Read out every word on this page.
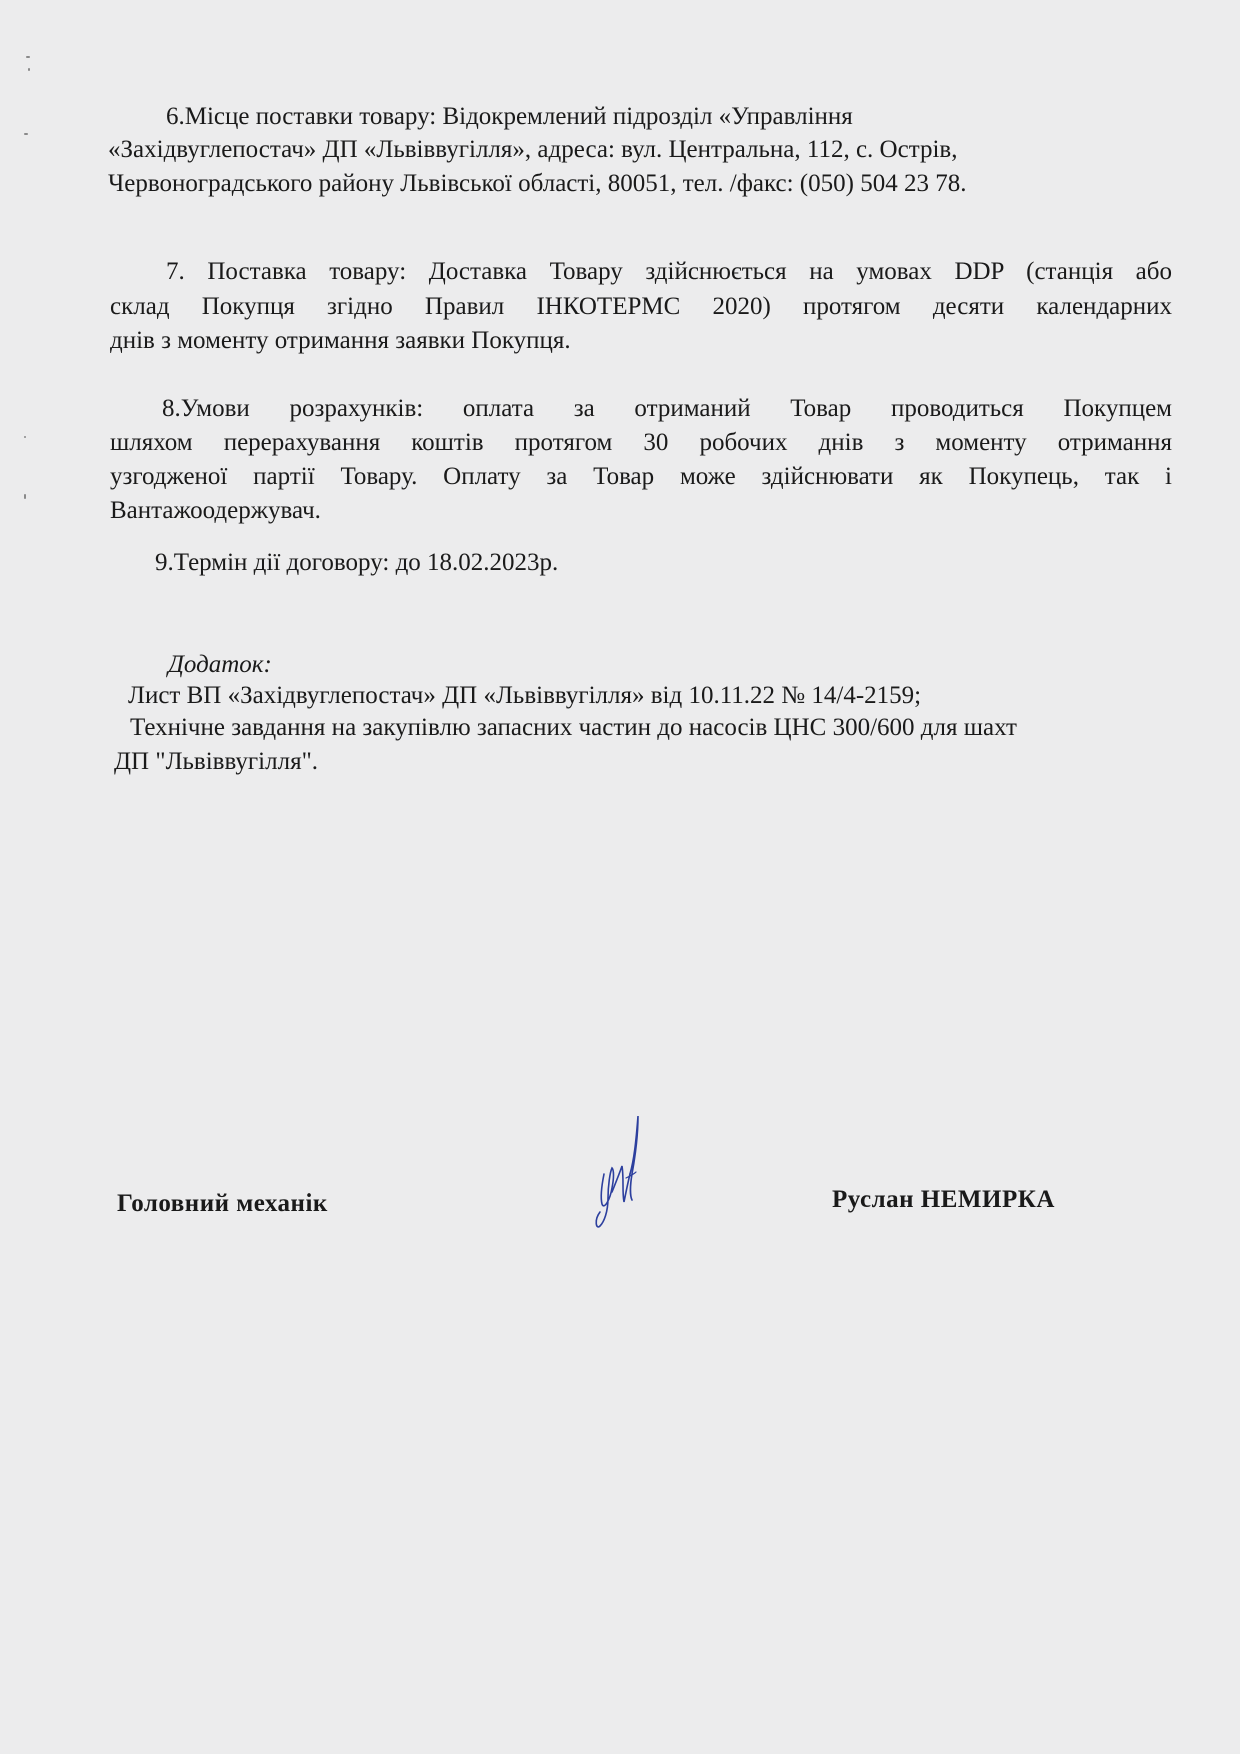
6.Місце поставки товару: Відокремлений підрозділ «Управління
«Західвуглепостач» ДП «Львіввугілля», адреса: вул. Центральна, 112, с. Острів,
Червоноградського району Львівської області, 80051, тел. /факс: (050) 504 23 78.
7. Поставка товару: Доставка Товару здійснюється на умовах DDP (станція або
склад Покупця згідно Правил ІНКОТЕРМС 2020) протягом десяти календарних
днів з моменту отримання заявки Покупця.
8.Умови розрахунків: оплата за отриманий Товар проводиться Покупцем
шляхом перерахування коштів протягом 30 робочих днів з моменту отримання
узгодженої партії Товару. Оплату за Товар може здійснювати як Покупець, так і
Вантажоодержувач.
9.Термін дії договору: до 18.02.2023р.
Додаток:
Лист ВП «Західвуглепостач» ДП «Львіввугілля» від 10.11.22 № 14/4-2159;
Технічне завдання на закупівлю запасних частин до насосів ЦНС 300/600 для шахт
ДП "Львіввугілля".
Головний механік	Руслан НЕМИРКА
